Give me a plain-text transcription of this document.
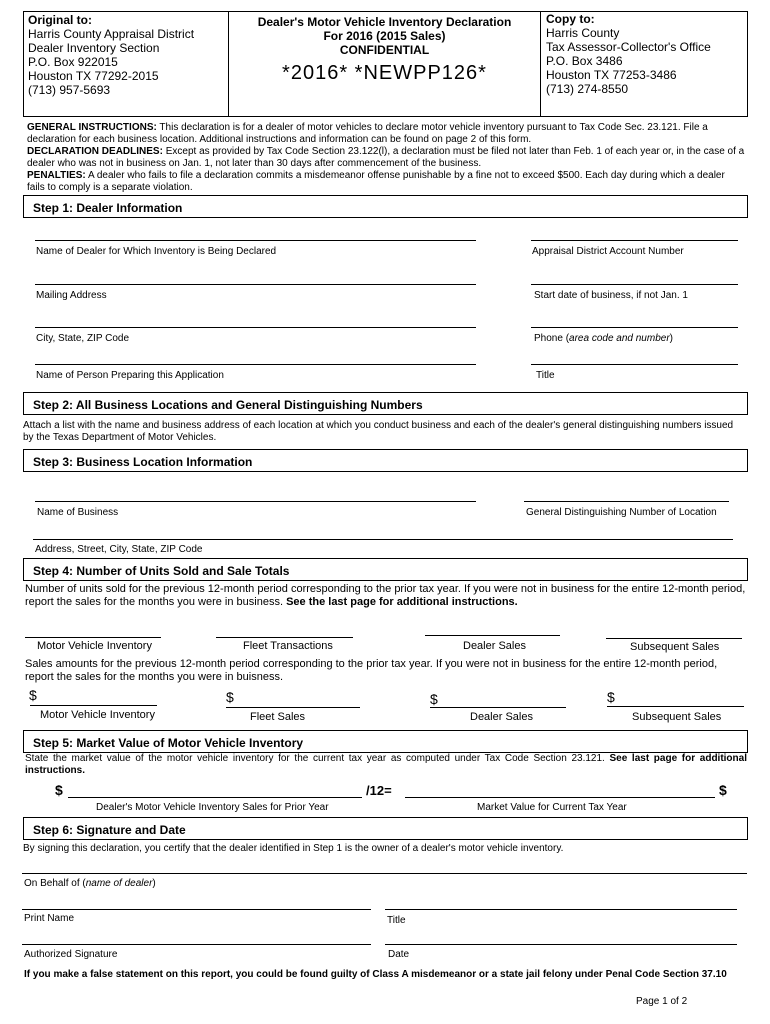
Original to:
Harris County Appraisal District
Dealer Inventory Section
P.O. Box 922015
Houston TX 77292-2015
(713) 957-5693
Dealer's Motor Vehicle Inventory Declaration
For 2016 (2015 Sales)
CONFIDENTIAL
*2016* *NEWPP126*
Copy to:
Harris County
Tax Assessor-Collector's Office
P.O. Box 3486
Houston TX 77253-3486
(713) 274-8550
GENERAL INSTRUCTIONS: This declaration is for a dealer of motor vehicles to declare motor vehicle inventory pursuant to Tax Code Sec. 23.121. File a declaration for each business location. Additional instructions and information can be found on page 2 of this form.
DECLARATION DEADLINES: Except as provided by Tax Code Section 23.122(l), a declaration must be filed not later than Feb. 1 of each year or, in the case of a dealer who was not in business on Jan. 1, not later than 30 days after commencement of the business.
PENALTIES: A dealer who fails to file a declaration commits a misdemeanor offense punishable by a fine not to exceed $500. Each day during which a dealer fails to comply is a separate violation.
Step 1: Dealer Information
Name of Dealer for Which Inventory is Being Declared	Appraisal District Account Number
Mailing Address	Start date of business, if not Jan. 1
City, State, ZIP Code	Phone (area code and number)
Name of Person Preparing this Application	Title
Step 2: All Business Locations and General Distinguishing Numbers
Attach a list with the name and business address of each location at which you conduct business and each of the dealer's general distinguishing numbers issued by the Texas Department of Motor Vehicles.
Step 3: Business Location Information
Name of Business	General Distinguishing Number of Location
Address, Street, City, State, ZIP Code
Step 4: Number of Units Sold and Sale Totals
Number of units sold for the previous 12-month period corresponding to the prior tax year. If you were not in business for the entire 12-month period, report the sales for the months you were in business. See the last page for additional instructions.
Motor Vehicle Inventory	Fleet Transactions	Dealer Sales	Subsequent Sales
Sales amounts for the previous 12-month period corresponding to the prior tax year. If you were not in business for the entire 12-month period, report the sales for the months you were in buisness.
$	$	$	$
Motor Vehicle Inventory	Fleet Sales	Dealer Sales	Subsequent Sales
Step 5: Market Value of Motor Vehicle Inventory
State the market value of the motor vehicle inventory for the current tax year as computed under Tax Code Section 23.121. See last page for additional instructions.
$	/12=	$
Dealer's Motor Vehicle Inventory Sales for Prior Year	Market Value for Current Tax Year
Step 6: Signature and Date
By signing this declaration, you certify that the dealer identified in Step 1 is the owner of a dealer's motor vehicle inventory.
On Behalf of (name of dealer)
Print Name	Title
Authorized Signature	Date
If you make a false statement on this report, you could be found guilty of Class A misdemeanor or a state jail felony under Penal Code Section 37.10
Page 1 of 2
